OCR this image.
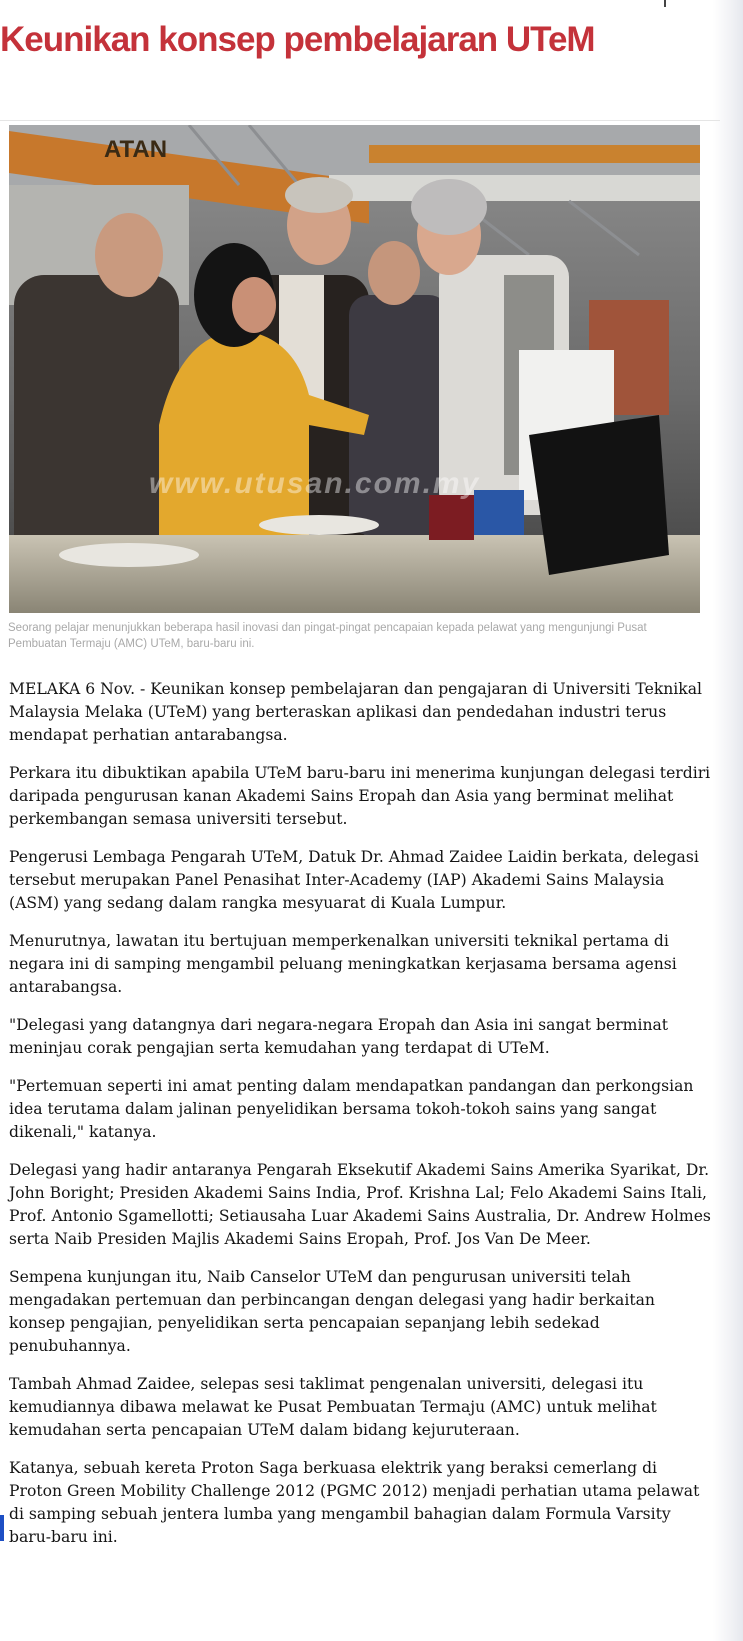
Keunikan konsep pembelajaran UTeM
ATAN
www.utusan.com.my

Seorang pelajar menunjukkan beberapa hasil inovasi dan pingat-pingat pencapaian kepada pelawat yang mengunjungi Pusat Pembuatan Termaju (AMC) UTeM, baru-baru ini.

MELAKA 6 Nov. - Keunikan konsep pembelajaran dan pengajaran di Universiti Teknikal Malaysia Melaka (UTeM) yang berteraskan aplikasi dan pendedahan industri terus mendapat perhatian antarabangsa.

Perkara itu dibuktikan apabila UTeM baru-baru ini menerima kunjungan delegasi terdiri daripada pengurusan kanan Akademi Sains Eropah dan Asia yang berminat melihat perkembangan semasa universiti tersebut.

Pengerusi Lembaga Pengarah UTeM, Datuk Dr. Ahmad Zaidee Laidin berkata, delegasi tersebut merupakan Panel Penasihat Inter-Academy (IAP) Akademi Sains Malaysia (ASM) yang sedang dalam rangka mesyuarat di Kuala Lumpur.

Menurutnya, lawatan itu bertujuan memperkenalkan universiti teknikal pertama di negara ini di samping mengambil peluang meningkatkan kerjasama bersama agensi antarabangsa.

"Delegasi yang datangnya dari negara-negara Eropah dan Asia ini sangat berminat meninjau corak pengajian serta kemudahan yang terdapat di UTeM.

"Pertemuan seperti ini amat penting dalam mendapatkan pandangan dan perkongsian idea terutama dalam jalinan penyelidikan bersama tokoh-tokoh sains yang sangat dikenali," katanya.

Delegasi yang hadir antaranya Pengarah Eksekutif Akademi Sains Amerika Syarikat, Dr. John Boright; Presiden Akademi Sains India, Prof. Krishna Lal; Felo Akademi Sains Itali, Prof. Antonio Sgamellotti; Setiausaha Luar Akademi Sains Australia, Dr. Andrew Holmes serta Naib Presiden Majlis Akademi Sains Eropah, Prof. Jos Van De Meer.

Sempena kunjungan itu, Naib Canselor UTeM dan pengurusan universiti telah mengadakan pertemuan dan perbincangan dengan delegasi yang hadir berkaitan konsep pengajian, penyelidikan serta pencapaian sepanjang lebih sedekad penubuhannya.

Tambah Ahmad Zaidee, selepas sesi taklimat pengenalan universiti, delegasi itu kemudiannya dibawa melawat ke Pusat Pembuatan Termaju (AMC) untuk melihat kemudahan serta pencapaian UTeM dalam bidang kejuruteraan.

Katanya, sebuah kereta Proton Saga berkuasa elektrik yang beraksi cemerlang di Proton Green Mobility Challenge 2012 (PGMC 2012) menjadi perhatian utama pelawat di samping sebuah jentera lumba yang mengambil bahagian dalam Formula Varsity baru-baru ini.
